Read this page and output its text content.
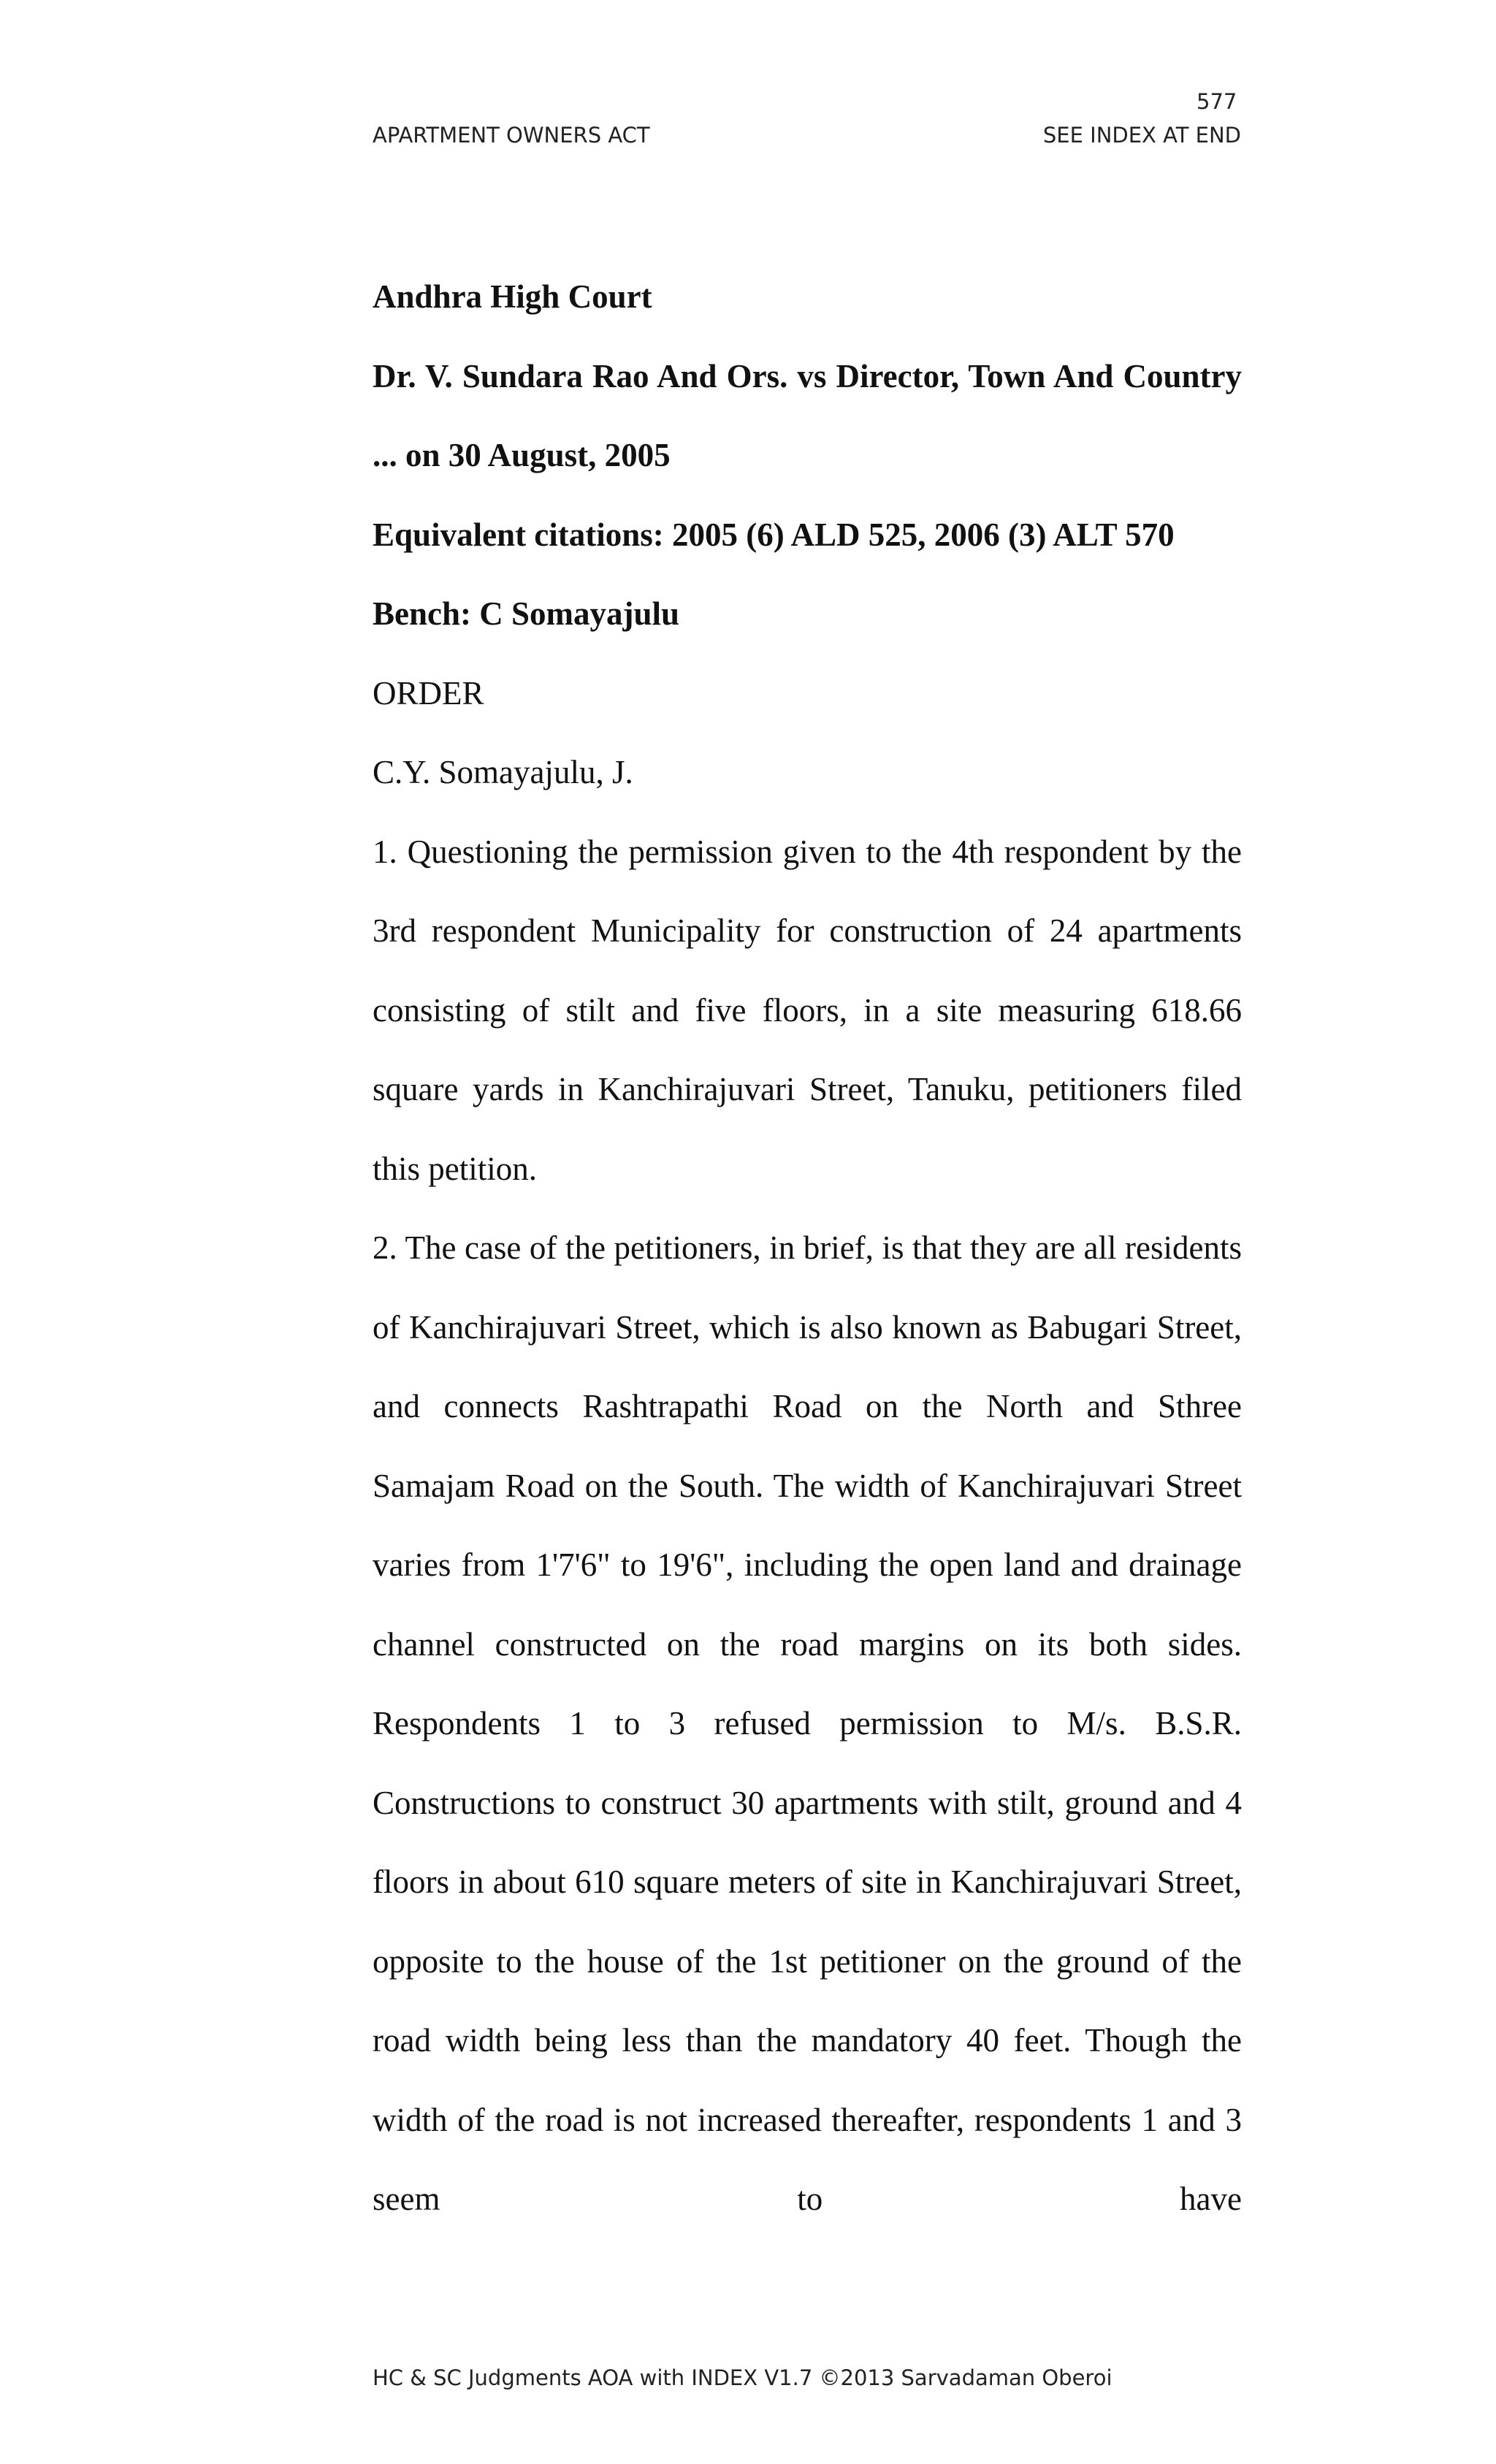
577
APARTMENT OWNERS ACT	SEE INDEX AT END
Andhra High Court
Dr. V. Sundara Rao And Ors. vs Director, Town And Country ... on 30 August, 2005
Equivalent citations: 2005 (6) ALD 525, 2006 (3) ALT 570
Bench: C Somayajulu
ORDER
C.Y. Somayajulu, J.

1. Questioning the permission given to the 4th respondent by the 3rd respondent Municipality for construction of 24 apartments consisting of stilt and five floors, in a site measuring 618.66 square yards in Kanchirajuvari Street, Tanuku, petitioners filed this petition.

2. The case of the petitioners, in brief, is that they are all residents of Kanchirajuvari Street, which is also known as Babugari Street, and connects Rashtrapathi Road on the North and Sthree Samajam Road on the South. The width of Kanchirajuvari Street varies from 1'7'6" to 19'6", including the open land and drainage channel constructed on the road margins on its both sides. Respondents 1 to 3 refused permission to M/s. B.S.R. Constructions to construct 30 apartments with stilt, ground and 4 floors in about 610 square meters of site in Kanchirajuvari Street, opposite to the house of the 1st petitioner on the ground of the road width being less than the mandatory 40 feet. Though the width of the road is not increased thereafter, respondents 1 and 3 seem to have

HC & SC Judgments AOA with INDEX V1.7 ©2013 Sarvadaman Oberoi
